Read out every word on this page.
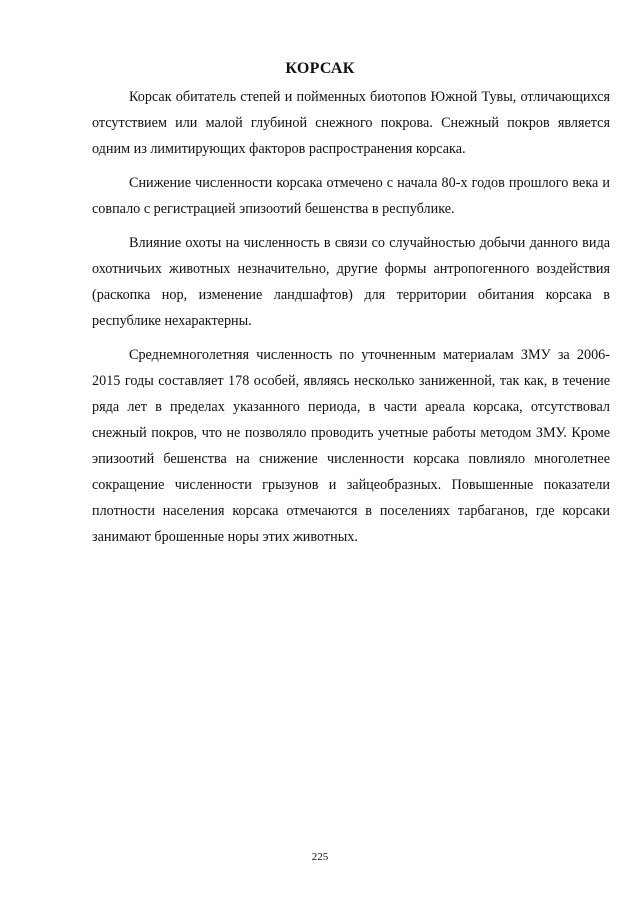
КОРСАК

Корсак обитатель степей и пойменных биотопов Южной Тувы, отличающихся отсутствием или малой глубиной снежного покрова. Снежный покров является одним из лимитирующих факторов распространения корсака.

Снижение численности корсака отмечено с начала 80-х годов прошлого века и совпало с регистрацией эпизоотий бешенства в республике.

Влияние охоты на численность в связи со случайностью добычи данного вида охотничьих животных незначительно, другие формы антропогенного воздействия (раскопка нор, изменение ландшафтов) для территории обитания корсака в республике нехарактерны.

Среднемноголетняя численность по уточненным материалам ЗМУ за 2006-2015 годы составляет 178 особей, являясь несколько заниженной, так как, в течение ряда лет в пределах указанного периода, в части ареала корсака, отсутствовал снежный покров, что не позволяло проводить учетные работы методом ЗМУ. Кроме эпизоотий бешенства на снижение численности корсака повлияло многолетнее сокращение численности грызунов и зайцеобразных. Повышенные показатели плотности населения корсака отмечаются в поселениях тарбаганов, где корсаки занимают брошенные норы этих животных.

225
